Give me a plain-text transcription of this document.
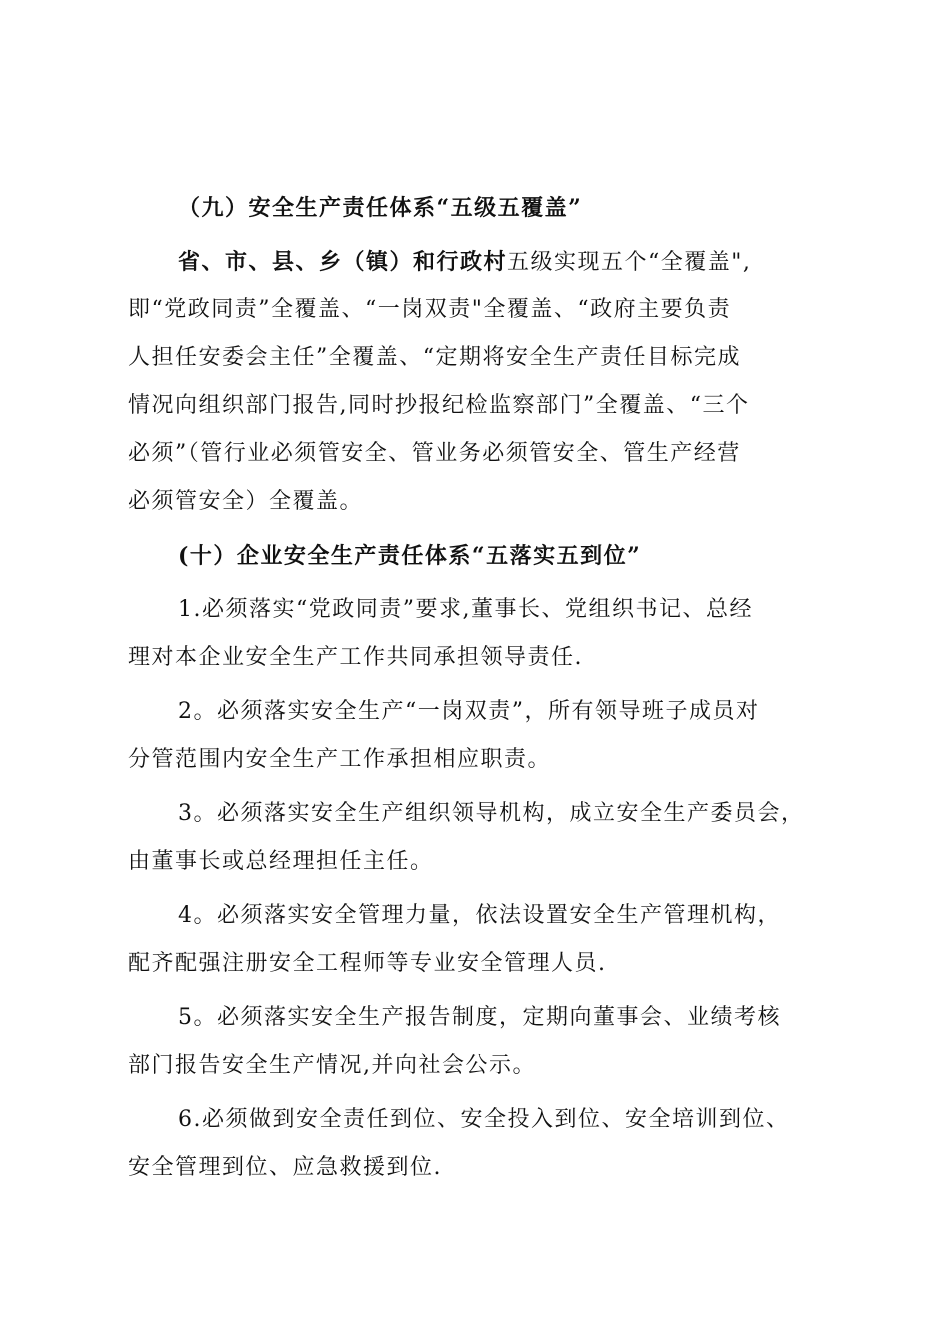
（九）安全生产责任体系“五级五覆盖”
省、市、县、乡（镇）和行政村五级实现五个“全覆盖",
即“党政同责”全覆盖、“一岗双责"全覆盖、“政府主要负责
人担任安委会主任”全覆盖、“定期将安全生产责任目标完成
情况向组织部门报告,同时抄报纪检监察部门”全覆盖、“三个
必须”（管行业必须管安全、管业务必须管安全、管生产经营
必须管安全）全覆盖。
(十）企业安全生产责任体系“五落实五到位”
1.必须落实“党政同责”要求,董事长、党组织书记、总经
理对本企业安全生产工作共同承担领导责任.
2。必须落实安全生产“一岗双责”，所有领导班子成员对
分管范围内安全生产工作承担相应职责。
3。必须落实安全生产组织领导机构，成立安全生产委员会，
由董事长或总经理担任主任。
4。必须落实安全管理力量，依法设置安全生产管理机构，
配齐配强注册安全工程师等专业安全管理人员.
5。必须落实安全生产报告制度，定期向董事会、业绩考核
部门报告安全生产情况,并向社会公示。
6.必须做到安全责任到位、安全投入到位、安全培训到位、
安全管理到位、应急救援到位.
